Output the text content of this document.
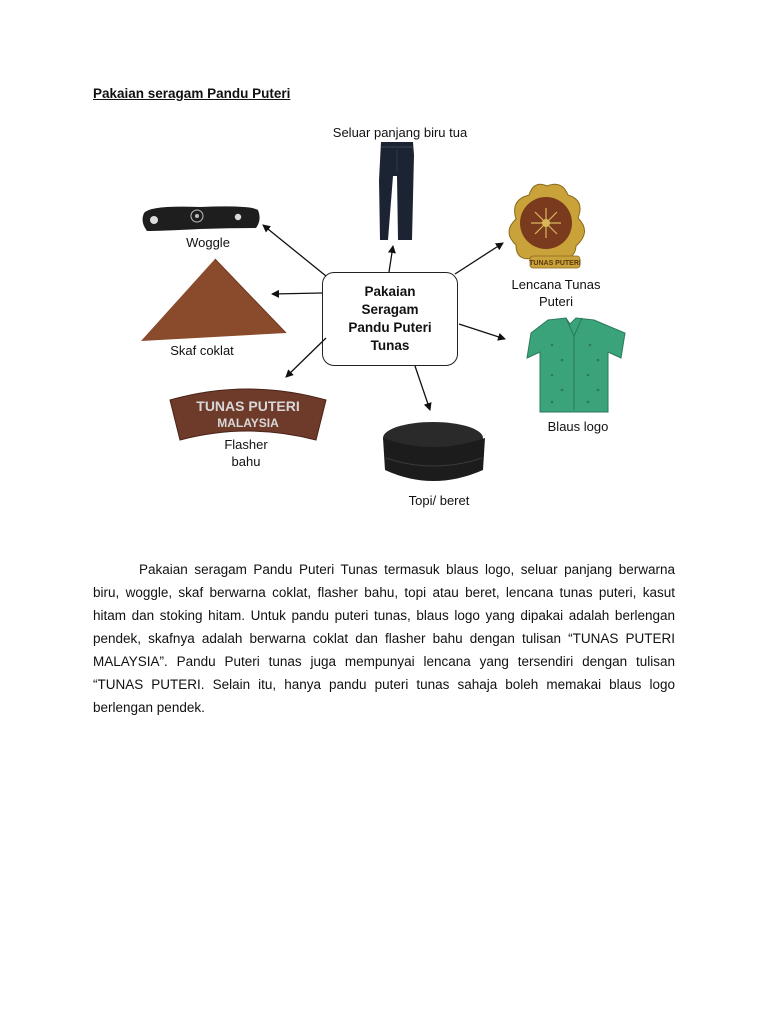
Pakaian seragam Pandu Puteri
TUNAS PUTERI
TUNAS PUTERI
MALAYSIA
Pakaian Seragam Pandu Puteri Tunas
Seluar panjang biru tua
Woggle
Lencana Tunas
Puteri
Skaf coklat
Blaus logo
Flasher
bahu
Topi/ beret

Pakaian seragam Pandu Puteri Tunas termasuk blaus logo, seluar panjang berwarna biru, woggle, skaf berwarna coklat, flasher bahu, topi atau beret, lencana tunas puteri, kasut hitam dan stoking hitam. Untuk pandu puteri tunas, blaus logo yang dipakai adalah berlengan pendek, skafnya adalah berwarna coklat dan flasher bahu dengan tulisan “TUNAS PUTERI MALAYSIA”. Pandu Puteri tunas juga mempunyai lencana yang tersendiri dengan tulisan “TUNAS PUTERI. Selain itu, hanya pandu puteri tunas sahaja boleh memakai blaus logo berlengan pendek.
